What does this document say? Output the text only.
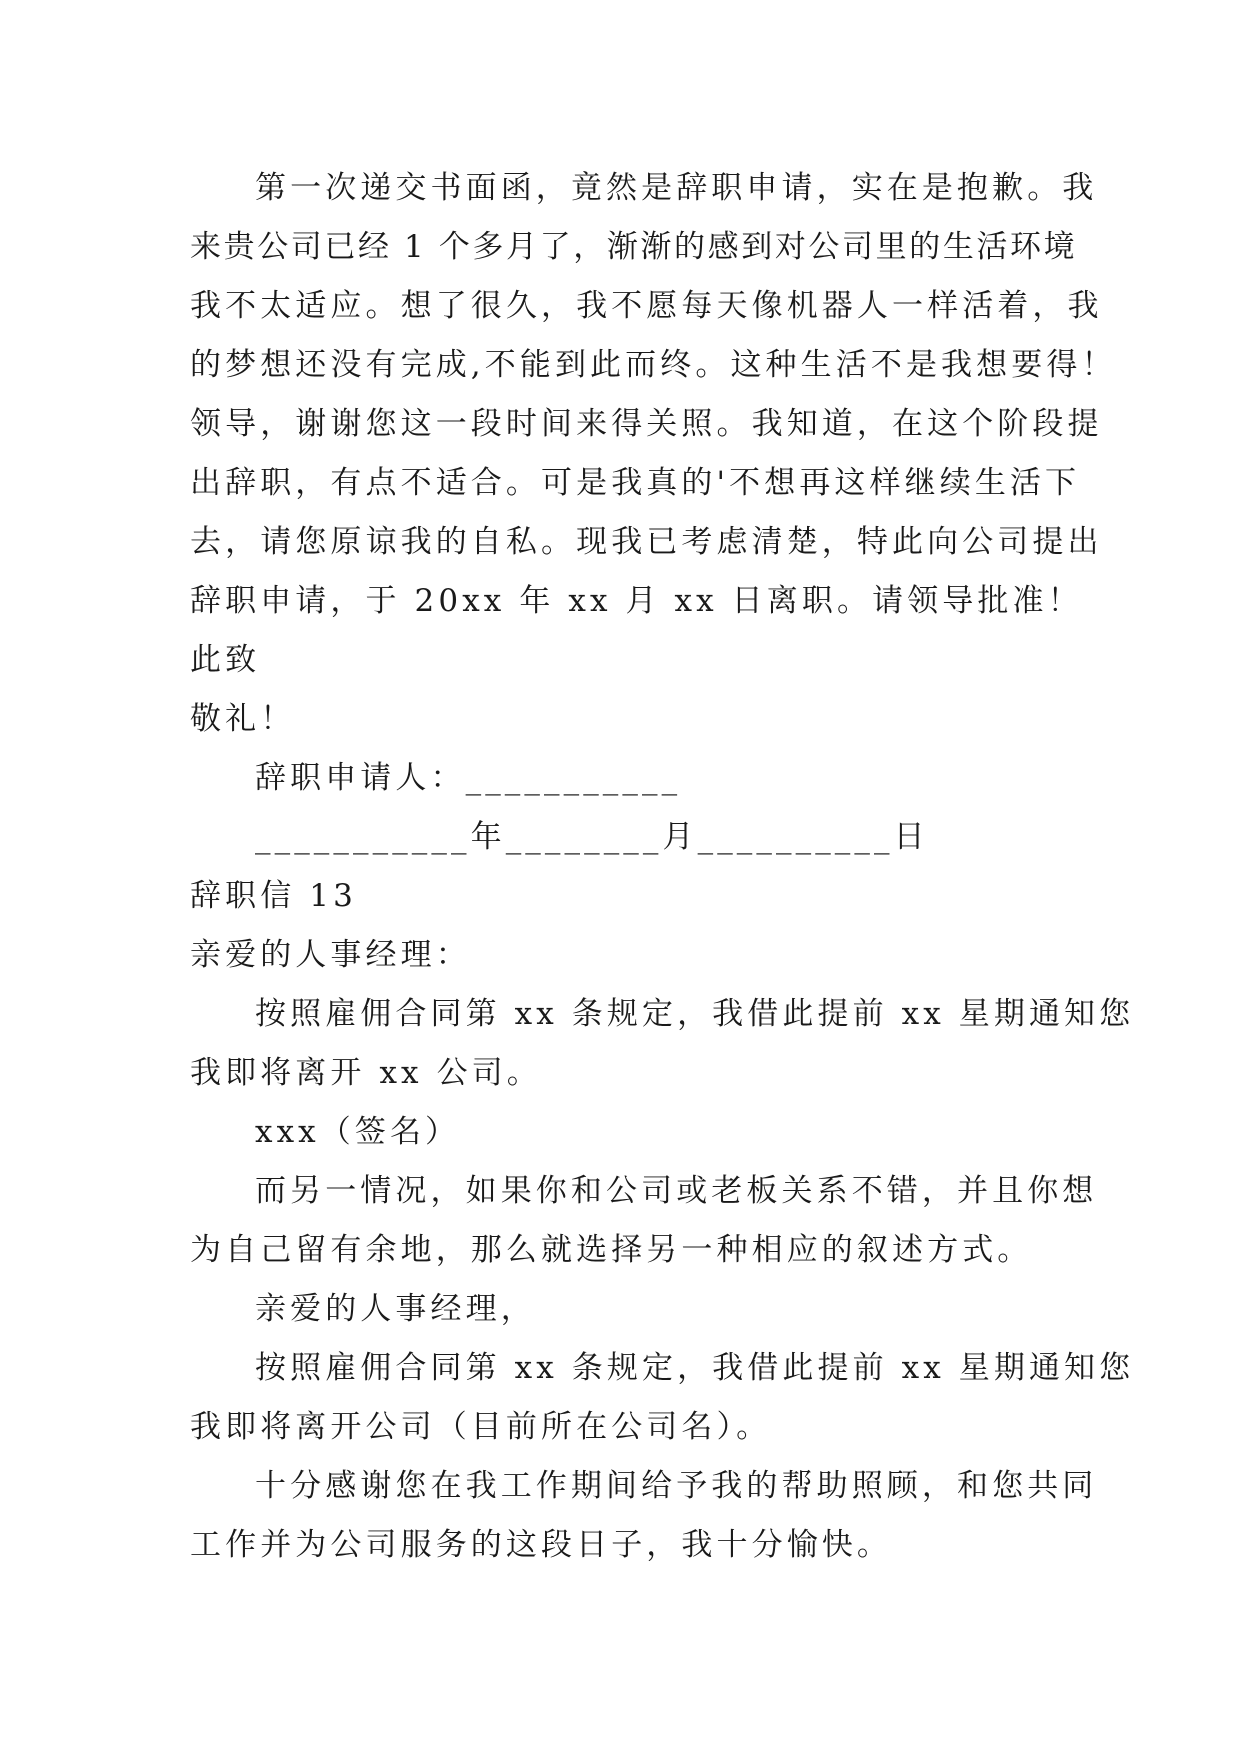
第一次递交书面函，竟然是辞职申请，实在是抱歉。我
来贵公司已经 1 个多月了，渐渐的感到对公司里的生活环境
我不太适应。想了很久，我不愿每天像机器人一样活着，我
的梦想还没有完成,不能到此而终。这种生活不是我想要得！
领导，谢谢您这一段时间来得关照。我知道，在这个阶段提
出辞职，有点不适合。可是我真的'不想再这样继续生活下
去，请您原谅我的自私。现我已考虑清楚，特此向公司提出
辞职申请，于 20xx 年 xx 月 xx 日离职。请领导批准！
此致
敬礼！
辞职申请人：___________
___________年________月__________日
辞职信 13
亲爱的人事经理：
按照雇佣合同第 xx 条规定，我借此提前 xx 星期通知您
我即将离开 xx 公司。
xxx（签名）
而另一情况，如果你和公司或老板关系不错，并且你想
为自己留有余地，那么就选择另一种相应的叙述方式。
亲爱的人事经理，
按照雇佣合同第 xx 条规定，我借此提前 xx 星期通知您
我即将离开公司（目前所在公司名）。
十分感谢您在我工作期间给予我的帮助照顾，和您共同
工作并为公司服务的这段日子，我十分愉快。
